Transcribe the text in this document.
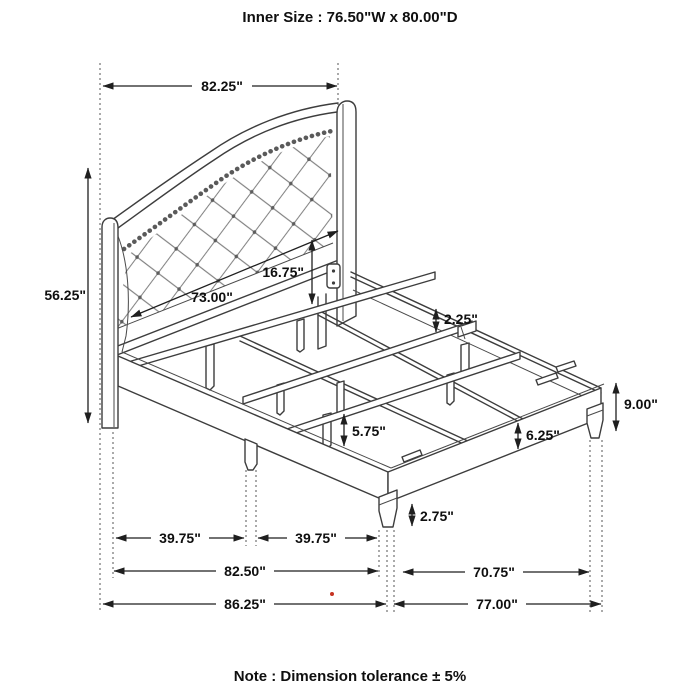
82.25"
56.25"	73.00"
16.75"
2.25"
9.00"
6.25"
5.75"
2.75"
39.75"	39.75"
82.50"	70.75"
86.25"	77.00"
Inner Size : 76.50"W x 80.00"D
Note : Dimension tolerance ± 5%
